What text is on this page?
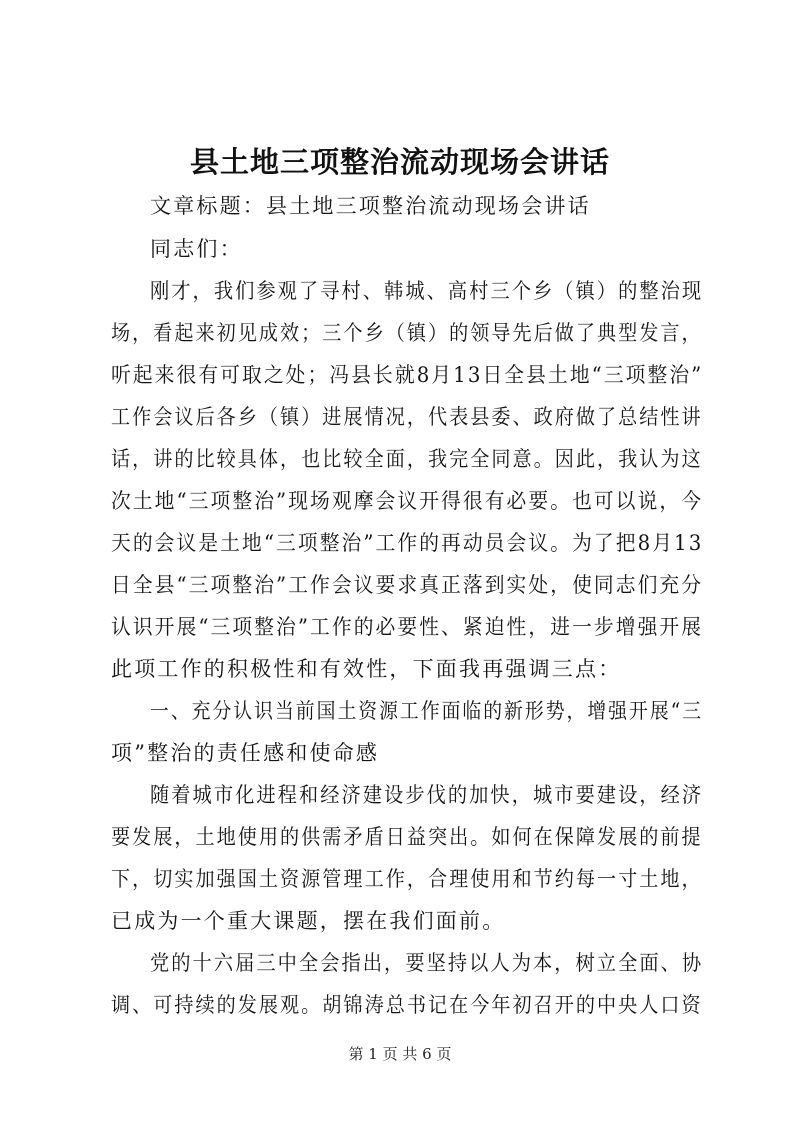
县土地三项整治流动现场会讲话
文章标题：县土地三项整治流动现场会讲话
同志们：
刚才，我们参观了寻村、韩城、高村三个乡（镇）的整治现
场，看起来初见成效；三个乡（镇）的领导先后做了典型发言，
听起来很有可取之处；冯县长就8月13日全县土地“三项整治”
工作会议后各乡（镇）进展情况，代表县委、政府做了总结性讲
话，讲的比较具体，也比较全面，我完全同意。因此，我认为这
次土地“三项整治”现场观摩会议开得很有必要。也可以说，今
天的会议是土地“三项整治”工作的再动员会议。为了把8月13
日全县“三项整治”工作会议要求真正落到实处，使同志们充分
认识开展“三项整治”工作的必要性、紧迫性，进一步增强开展
此项工作的积极性和有效性，下面我再强调三点：
一、充分认识当前国土资源工作面临的新形势，增强开展“三
项”整治的责任感和使命感
随着城市化进程和经济建设步伐的加快，城市要建设，经济
要发展，土地使用的供需矛盾日益突出。如何在保障发展的前提
下，切实加强国土资源管理工作，合理使用和节约每一寸土地，
已成为一个重大课题，摆在我们面前。
党的十六届三中全会指出，要坚持以人为本，树立全面、协
调、可持续的发展观。胡锦涛总书记在今年初召开的中央人口资
第 1 页 共 6 页
